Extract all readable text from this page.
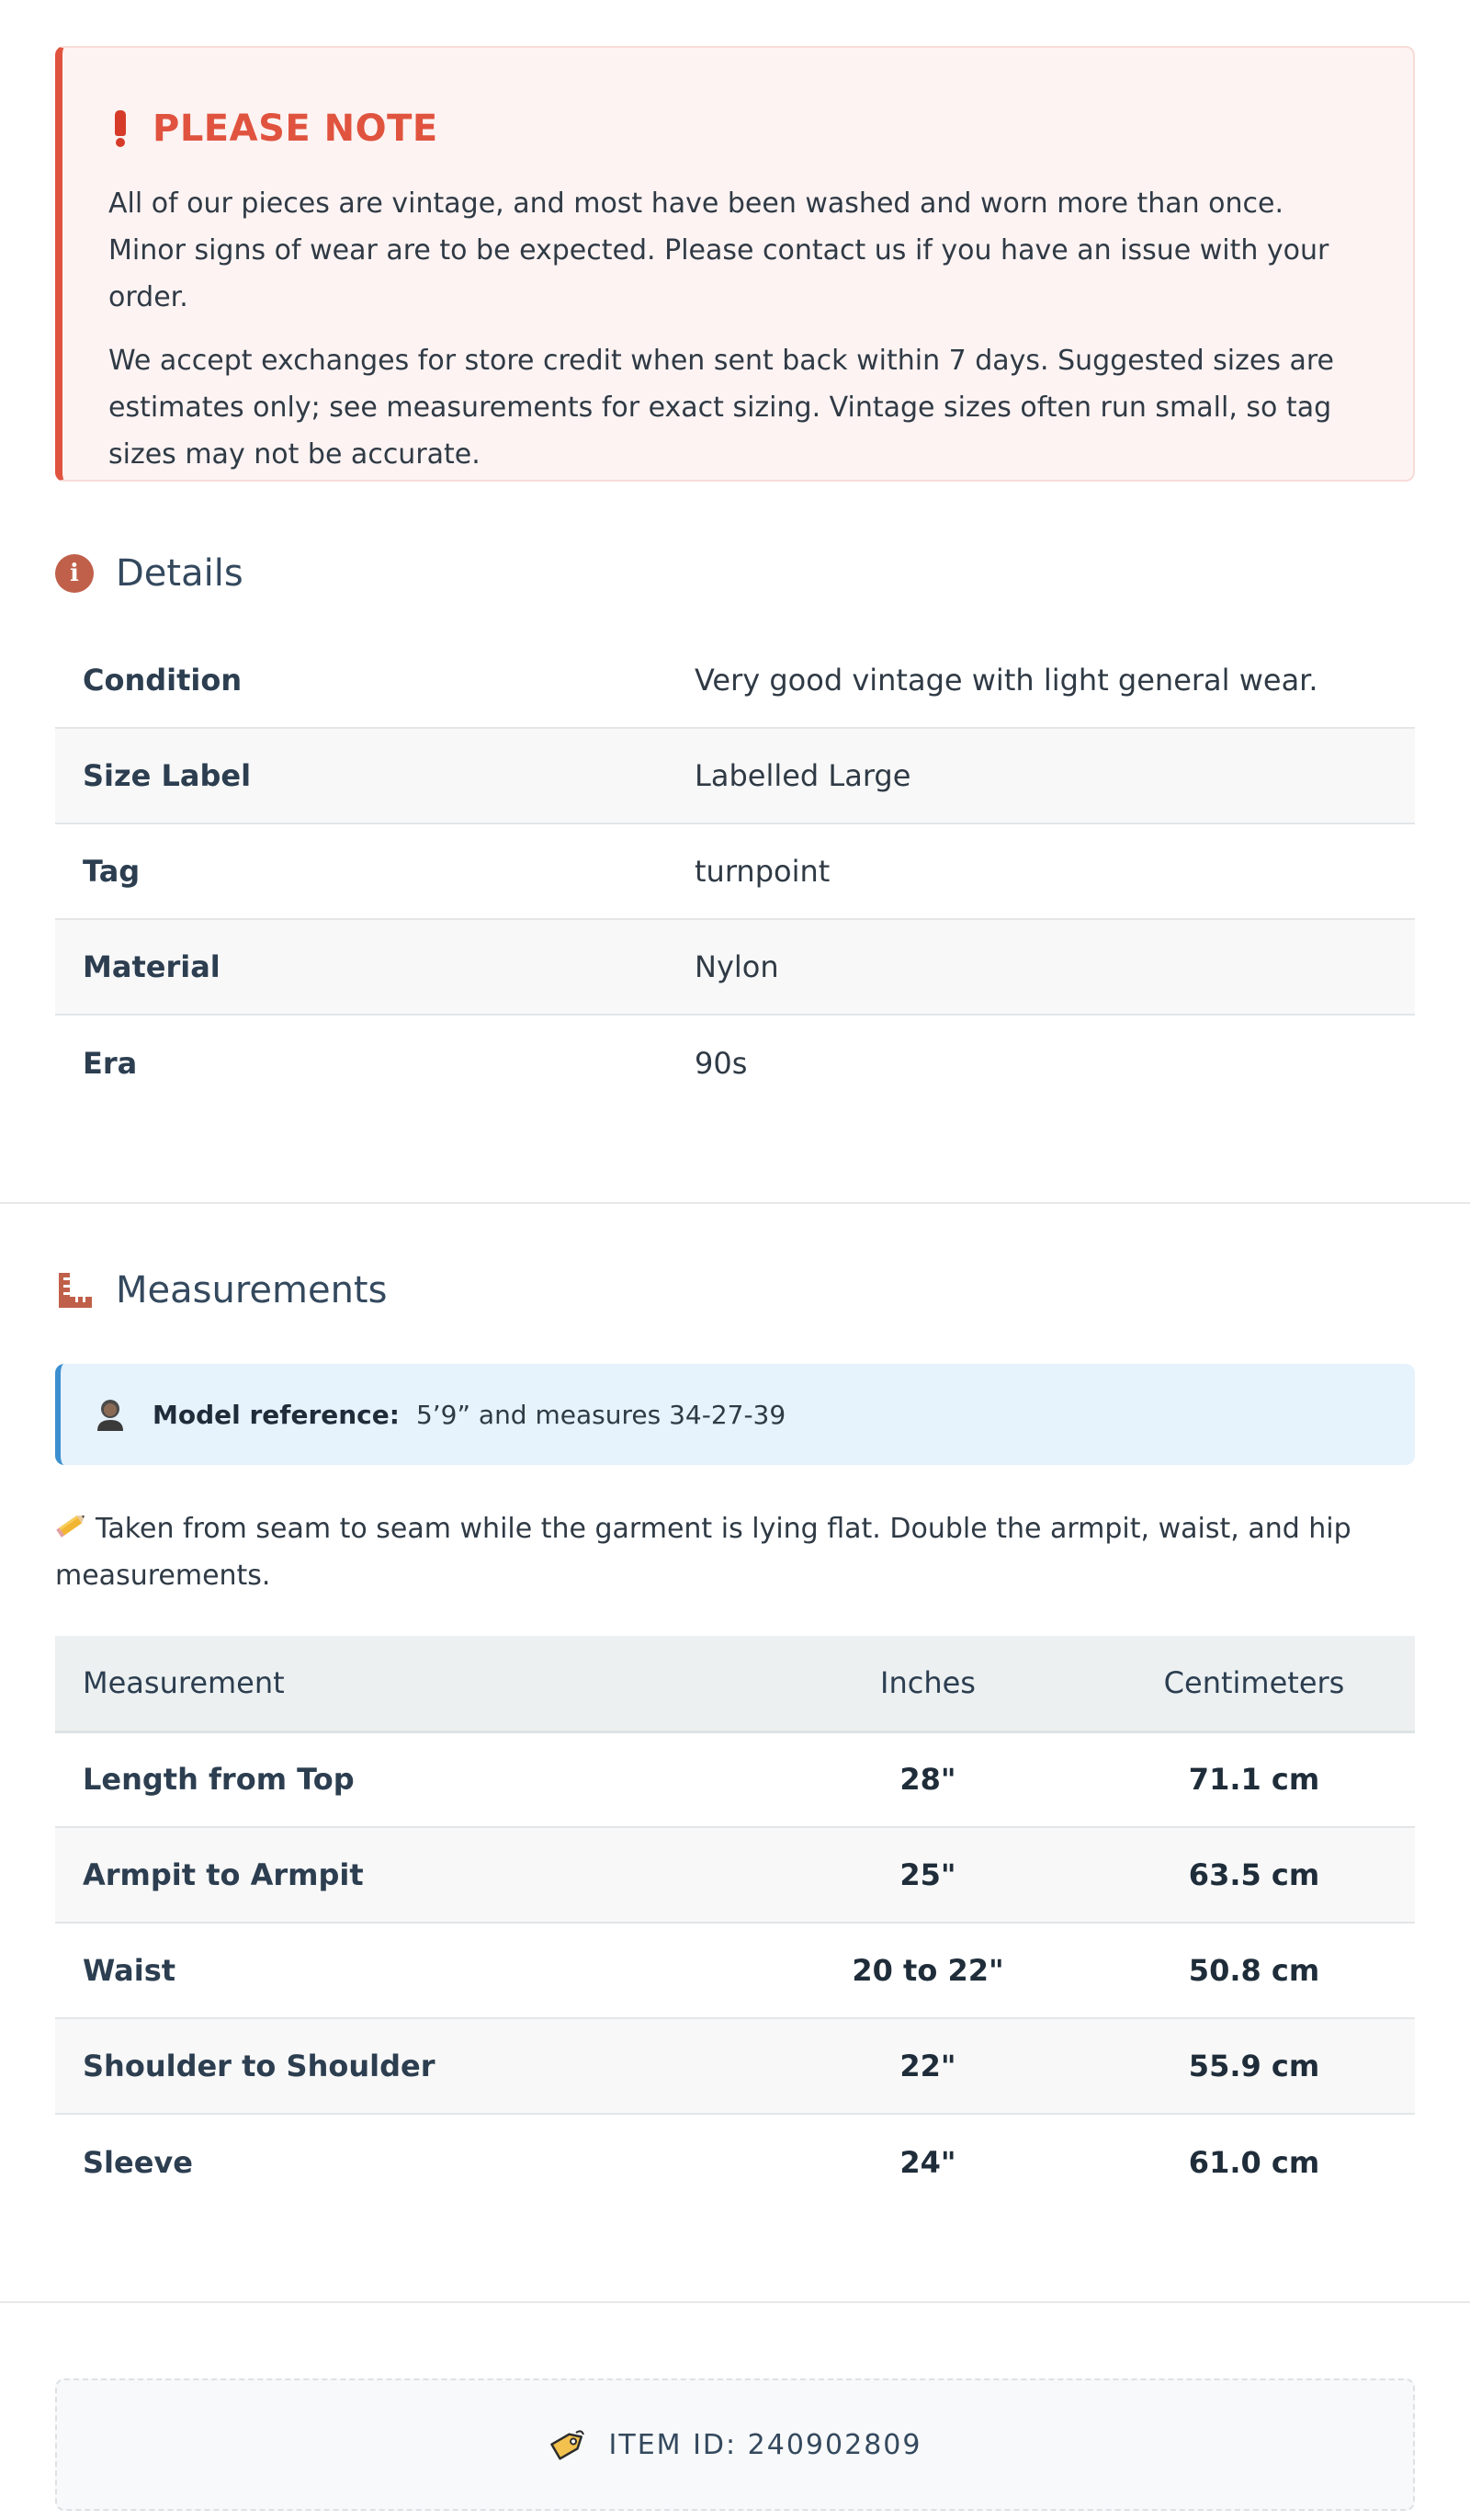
PLEASE NOTE

All of our pieces are vintage, and most have been washed and worn more than once. Minor signs of wear are to be expected. Please contact us if you have an issue with your order.

We accept exchanges for store credit when sent back within 7 days. Suggested sizes are estimates only; see measurements for exact sizing. Vintage sizes often run small, so tag sizes may not be accurate.

i	Details
Condition	Very good vintage with light general wear.
Size Label	Labelled Large
Tag	turnpoint
Material	Nylon
Era	90s
Measurements
Model reference: 5’9” and measures 34-27-39

Taken from seam to seam while the garment is lying flat. Double the armpit, waist, and hip measurements.

Measurement	Inches	Centimeters
Length from Top	28"	71.1 cm
Armpit to Armpit	25"	63.5 cm
Waist	20 to 22"	50.8 cm
Shoulder to Shoulder	22"	55.9 cm
Sleeve	24"	61.0 cm
ITEM ID: 240902809
